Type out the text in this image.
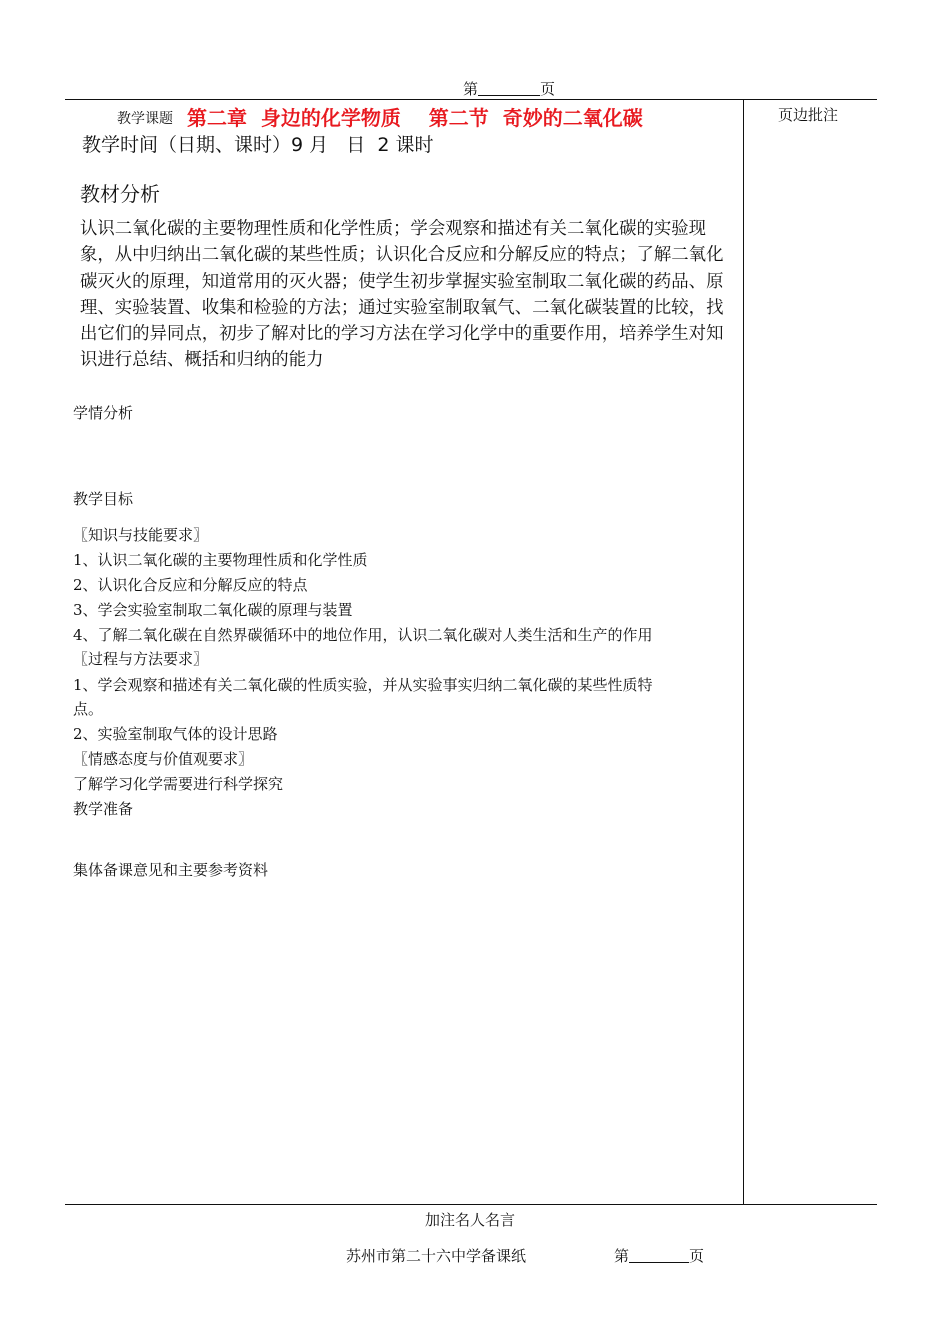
第	页
页边批注
教学课题 第二章  身边的化学物质    第二节  奇妙的二氧化碳
教学时间（日期、课时）9 月   日  2 课时
教材分析
认识二氧化碳的主要物理性质和化学性质；学会观察和描述有关二氧化碳的实验现象，从中归纳出二氧化碳的某些性质；认识化合反应和分解反应的特点；了解二氧化碳灭火的原理，知道常用的灭火器；使学生初步掌握实验室制取二氧化碳的药品、原理、实验装置、收集和检验的方法；通过实验室制取氧气、二氧化碳装置的比较，找出它们的异同点，初步了解对比的学习方法在学习化学中的重要作用，培养学生对知识进行总结、概括和归纳的能力
学情分析
教学目标
〖知识与技能要求〗
1、认识二氧化碳的主要物理性质和化学性质
2、认识化合反应和分解反应的特点
3、学会实验室制取二氧化碳的原理与装置
4、了解二氧化碳在自然界碳循环中的地位作用，认识二氧化碳对人类生活和生产的作用
〖过程与方法要求〗
1、学会观察和描述有关二氧化碳的性质实验，并从实验事实归纳二氧化碳的某些性质特
点。
2、实验室制取气体的设计思路
〖情感态度与价值观要求〗
了解学习化学需要进行科学探究
教学准备
集体备课意见和主要参考资料
加注名人名言
苏州市第二十六中学备课纸	第	页
